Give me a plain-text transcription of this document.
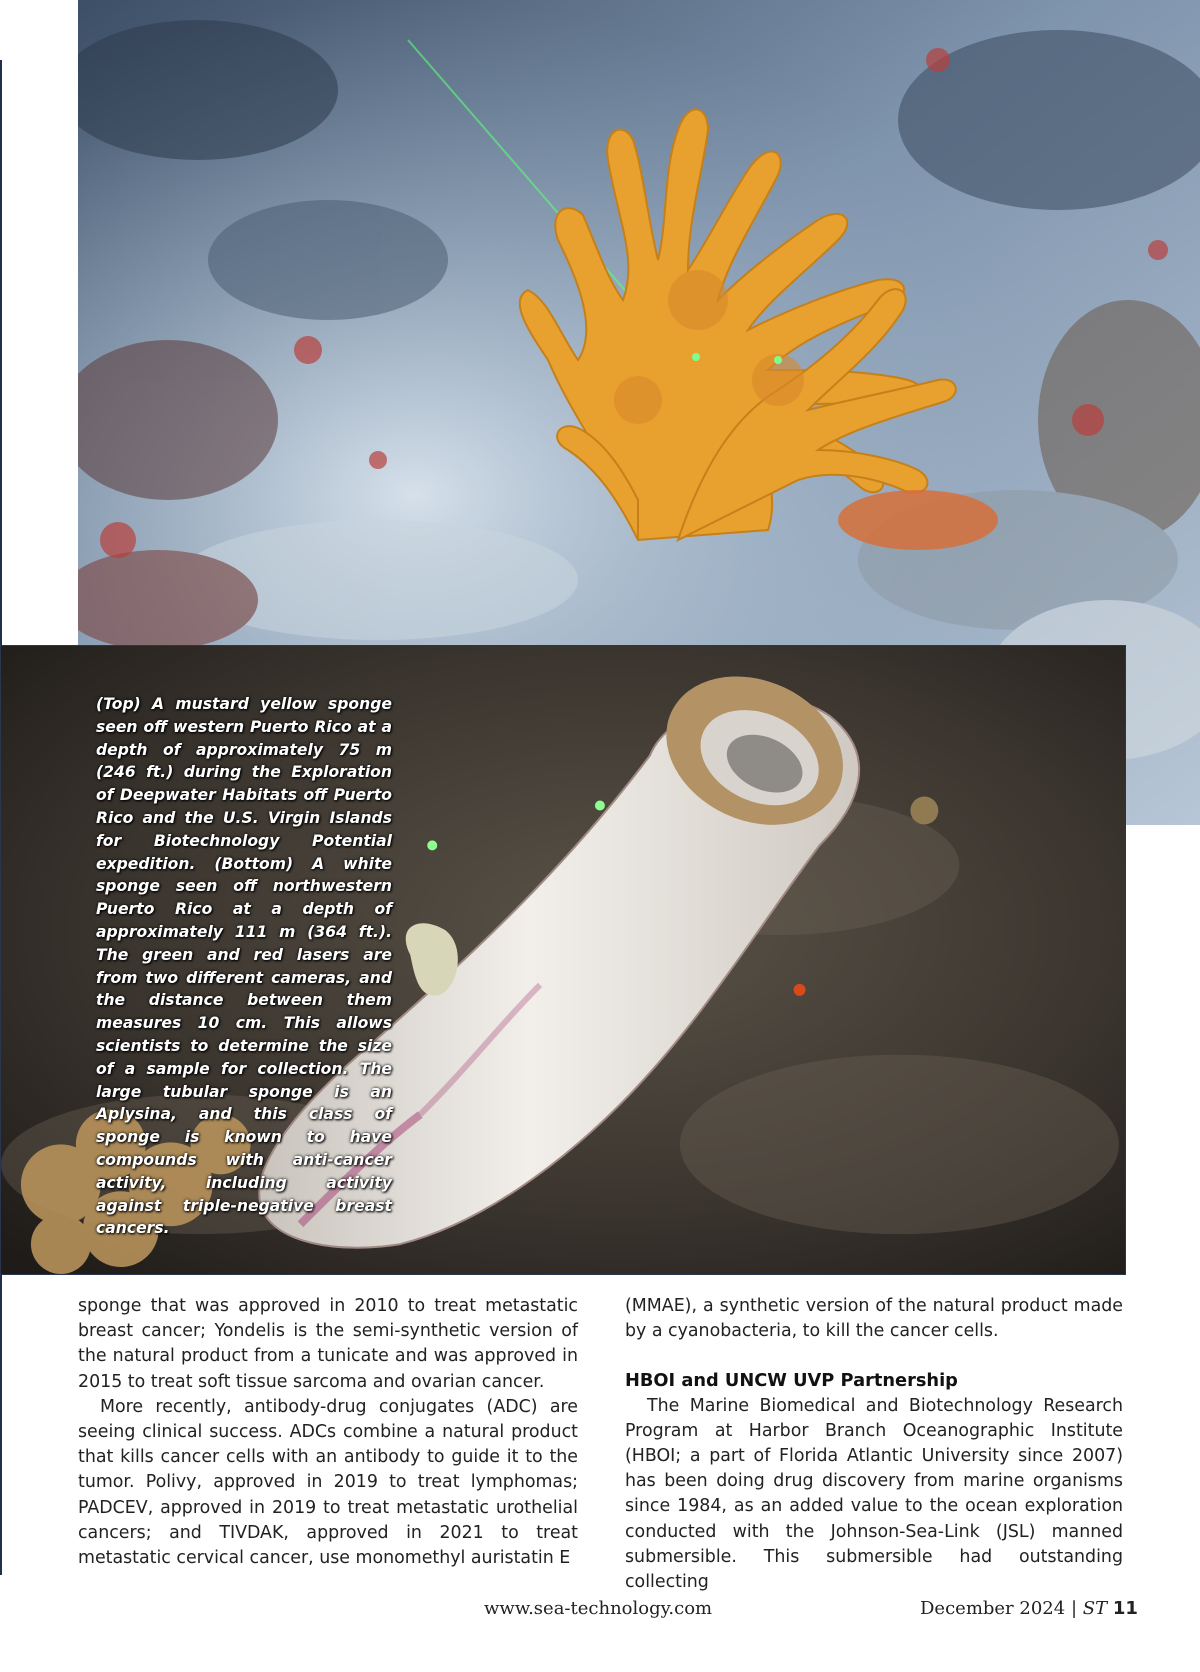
(Top) A mustard yellow sponge seen off western Puerto Rico at a depth of approximately 75 m (246 ft.) during the Exploration of Deepwater Habitats off Puerto Rico and the U.S. Virgin Islands for Biotechnology Potential expedition. (Bottom) A white sponge seen off northwestern Puerto Rico at a depth of approximately 111 m (364 ft.). The green and red lasers are from two different cameras, and the distance between them measures 10 cm. This allows scientists to determine the size of a sample for collection. The large tubular sponge is an Aplysina, and this class of sponge is known to have compounds with anti-cancer activity, including activity against triple-negative breast cancers.

sponge that was approved in 2010 to treat metastatic breast cancer; Yondelis is the semi-synthetic version of the natural product from a tunicate and was approved in 2015 to treat soft tissue sarcoma and ovarian cancer.

More recently, antibody-drug conjugates (ADC) are seeing clinical success. ADCs combine a natural product that kills cancer cells with an antibody to guide it to the tumor. Polivy, approved in 2019 to treat lymphomas; PADCEV, approved in 2019 to treat metastatic urothelial cancers; and TIVDAK, approved in 2021 to treat metastatic cervical cancer, use monomethyl auristatin E

(MMAE), a synthetic version of the natural product made by a cyanobacteria, to kill the cancer cells.

HBOI and UNCW UVP Partnership

The Marine Biomedical and Biotechnology Research Program at Harbor Branch Oceanographic Institute (HBOI; a part of Florida Atlantic University since 2007) has been doing drug discovery from marine organisms since 1984, as an added value to the ocean exploration conducted with the Johnson-Sea-Link (JSL) manned submersible. This submersible had outstanding collecting

www.sea-technology.com	December 2024 | ST 11
